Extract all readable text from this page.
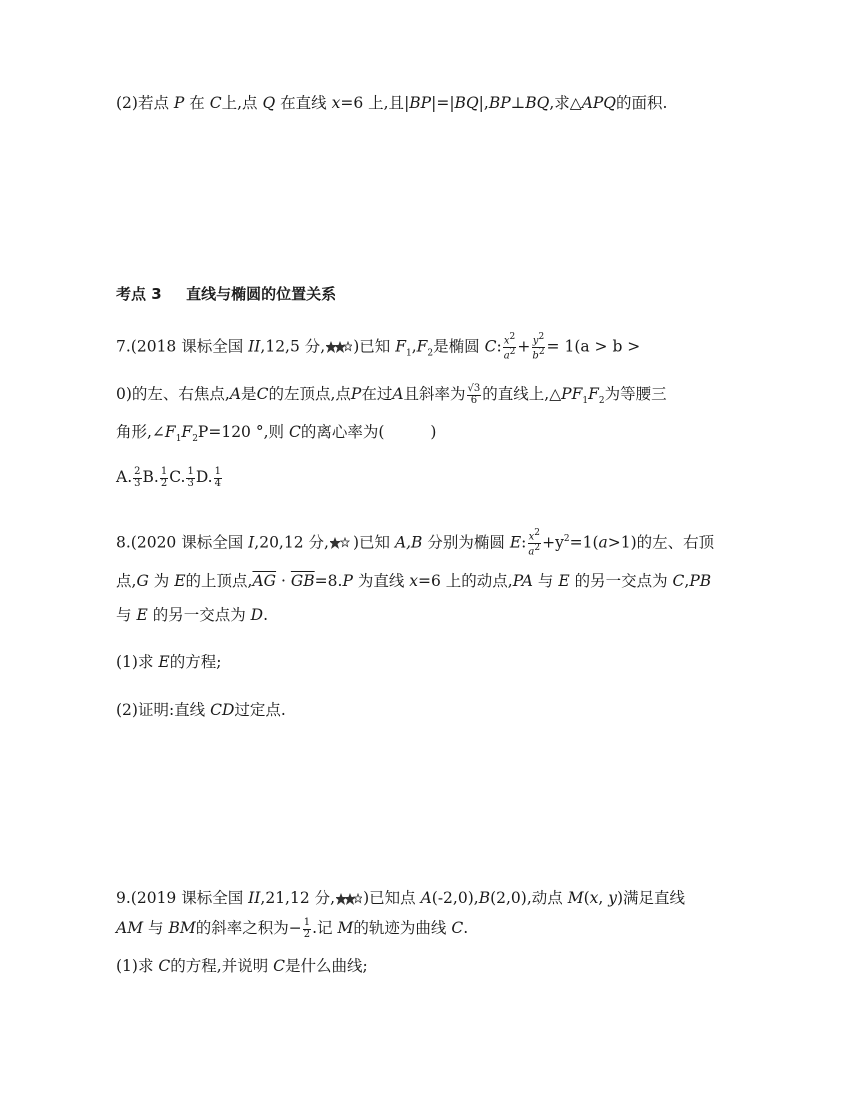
(2)若点 P 在 C上,点 Q 在直线 x=6 上,且|BP|=|BQ|,BP⊥BQ,求△APQ的面积.
考点 3 直线与椭圆的位置关系
7.(2018 课标全国 II,12,5 分, )已知 $F_1,F_2$是椭圆 C: $\frac{x^2}{a^2} + \frac{y^2}{b^2} = 1(a > b$ >
0)的左、右焦点,A是C的左顶点,点P在过A且斜率为 $\frac{√3}{6}$ 的直线上$,\triangle PF_1F_2$为等腰三
角形$,\angle F_1F_2P=120$ °,则 C的离心率为(	)
A. $\frac{2}{3} B$. $\frac{1}{2} C$. $\frac{1}{3} D$. $\frac{1}{4}$
8.(2020 课标全国 I,20,12 分, )已知 A,B 分别为椭圆 E: $\frac{x^2}{a^2} +y^2=1(a>1)$的左、右顶
点,G 为 E的上顶点$,\overline{AG} \cdot \overline{GB}=8.P$ 为直线 x=6 上的动点,PA 与 E 的另一交点为 C,PB
与 E 的另一交点为 D.
(1)求 E的方程;
(2)证明:直线 CD过定点.
9.(2019 课标全国 II,21,12 分, )已知点 A(-2,0),B(2,0),动点 M(x, y)满足直线
AM 与 BM的斜率之积为− $\frac{1}{2}$ .记 M的轨迹为曲线 C.
(1)求 C的方程,并说明 C是什么曲线;
